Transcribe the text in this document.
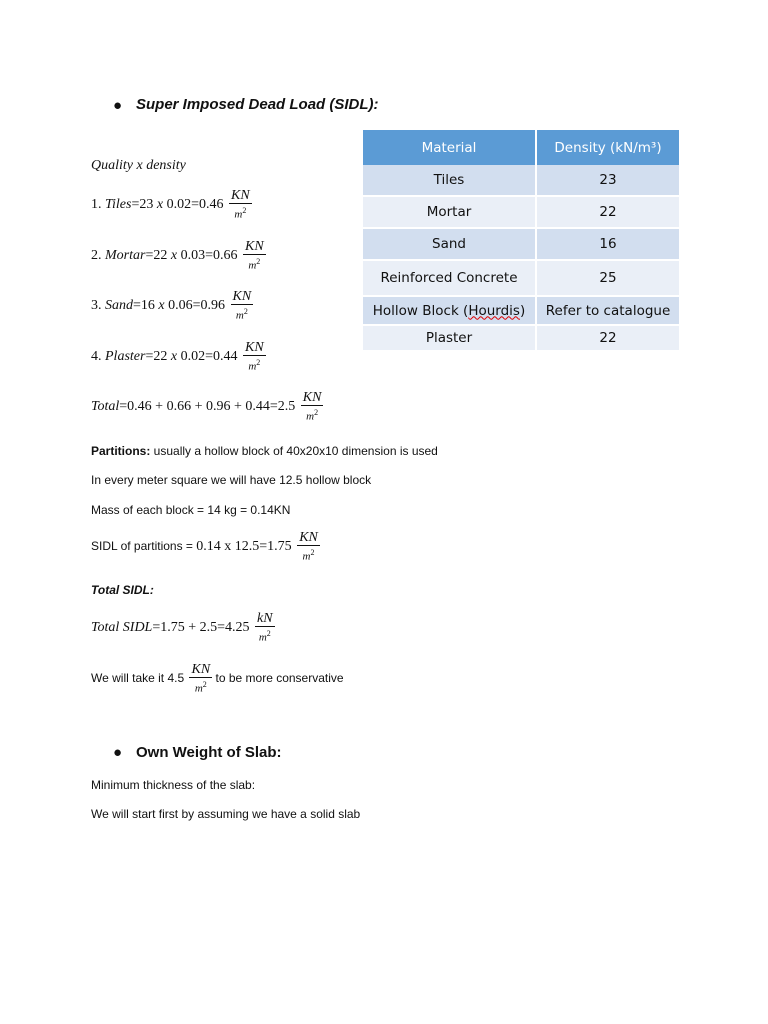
● Super Imposed Dead Load (SIDL):
Quality x density
1. Tiles=23 x $0.02=0.46 \frac{KN}{m^2}$
2. Mortar=22 x $0.03=0.66 \frac{KN}{m^2}$
3. Sand=16 x $0.06=0.96 \frac{KN}{m^2}$
4. Plaster=22 x $0.02=0.44 \frac{KN}{m^2}$
Total=0.46 + $0.66 + 0.96 + 0.44=2.5 \frac{KN}{m^2}$
Material	Density (kN/m³)
Tiles	23
Mortar	22
Sand	16
Reinforced Concrete	25
Hollow Block (Hourdis)	Refer to catalogue
Plaster	22
Partitions: usually a hollow block of 40x20x10 dimension is used
In every meter square we will have 12.5 hollow block
Mass of each block = 14 kg = 0.14KN
SIDL of partitions = 0.14 x $12.5=1.75 \frac{KN}{m^2}$
Total SIDL:
Total SIDL=1.75 + $2.5=4.25 \frac{kN}{m^2}$
We will take it $4.5 \frac{KN}{m^2}$ to be more conservative
● Own Weight of Slab:
Minimum thickness of the slab:
We will start first by assuming we have a solid slab
